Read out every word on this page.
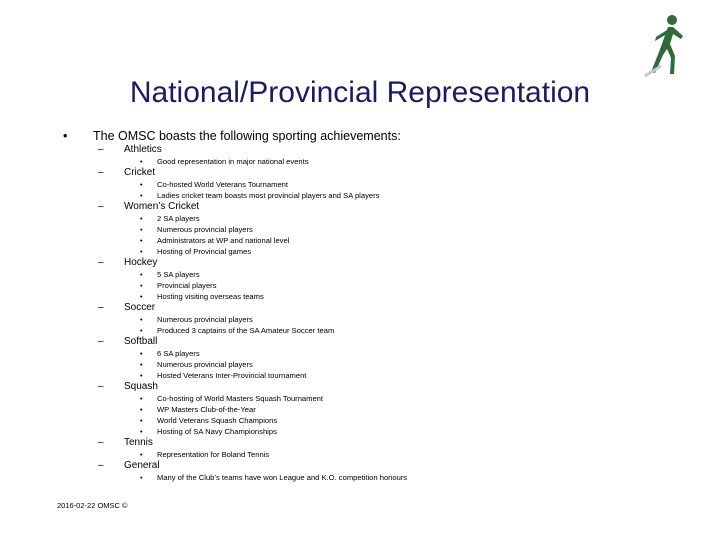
National/Provincial Representation
• The OMSC boasts the following sporting achievements:
– Athletics
• Good representation in major national events
– Cricket
• Co-hosted World Veterans Tournament
• Ladies cricket team boasts most provincial players and SA players
– Women’s Cricket
• 2 SA players
• Numerous provincial players
• Administrators at WP and national level
• Hosting of Provincial games
– Hockey
• 5 SA players
• Provincial players
• Hosting visiting overseas teams
– Soccer
• Numerous provincial players
• Produced 3 captains of the SA Amateur Soccer team
– Softball
• 6 SA players
• Numerous provincial players
• Hosted Veterans Inter-Provincial tournament
– Squash
• Co-hosting of World Masters Squash Tournament
• WP Masters Club-of-the-Year
• World Veterans Squash Champions
• Hosting of SA Navy Championships
– Tennis
• Representation for Boland Tennis
– General
• Many of the Club’s teams have won League and K.O. competition honours
2016-02-22 OMSC ©
